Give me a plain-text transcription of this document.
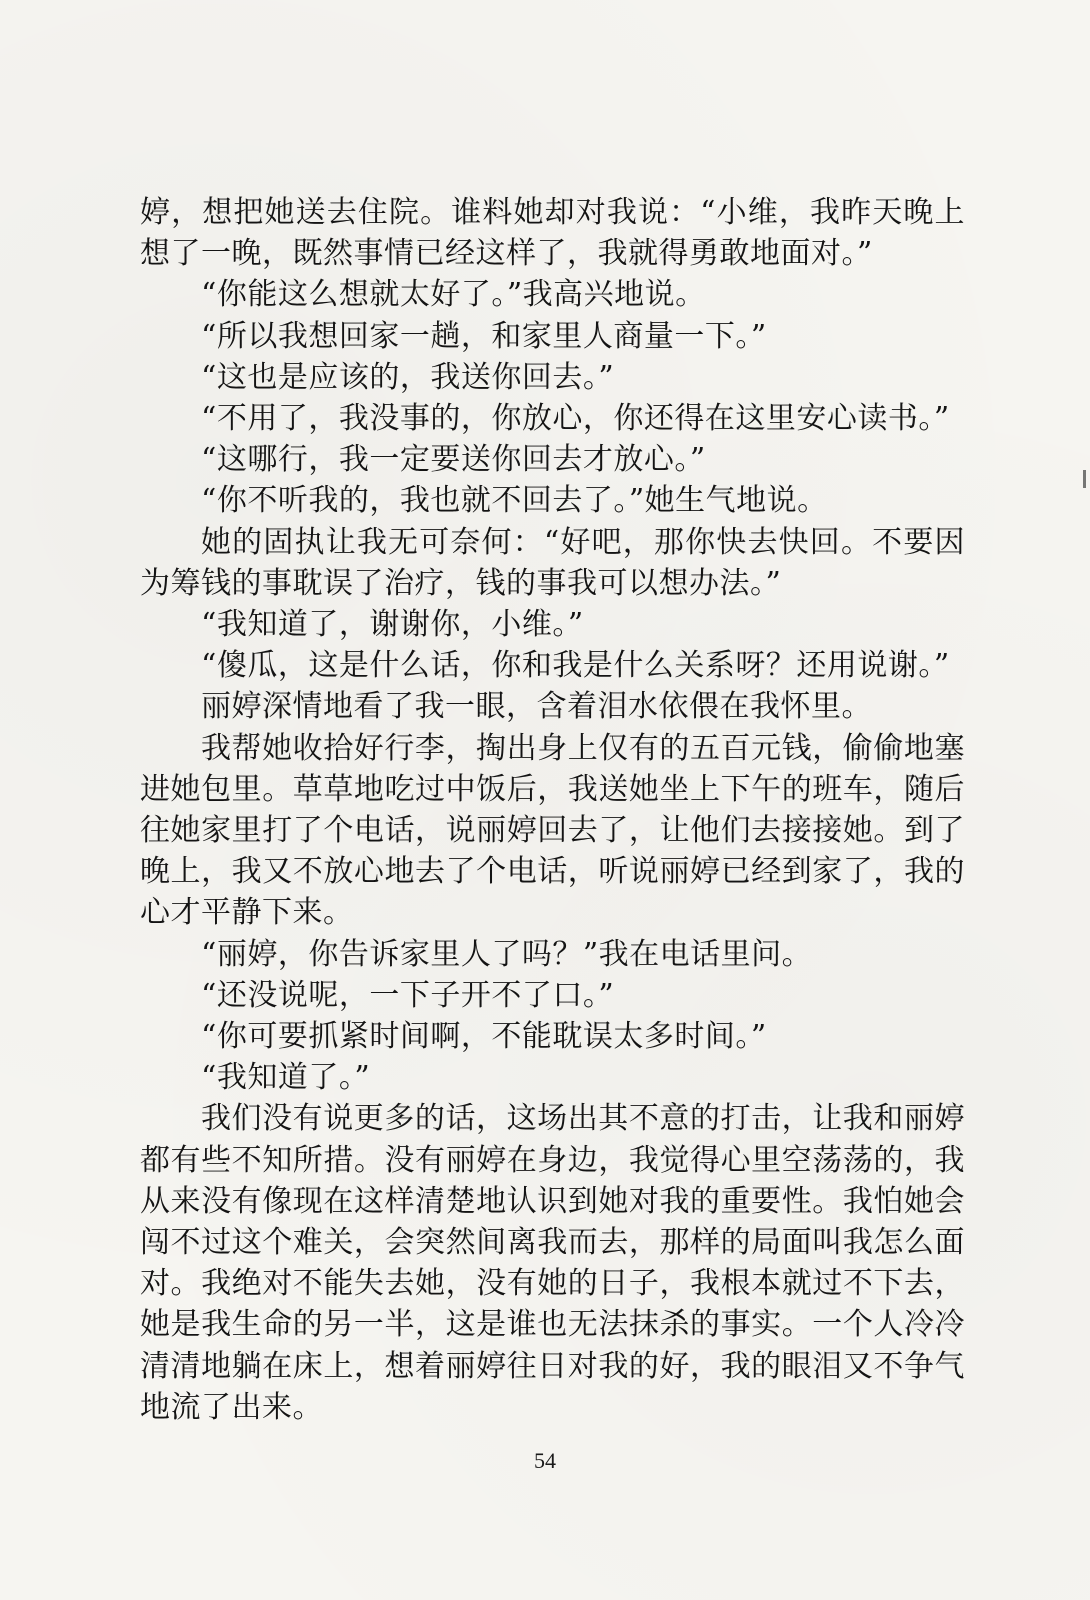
婷，想把她送去住院。谁料她却对我说：“小维，我昨天晚上想了一晚，既然事情已经这样了，我就得勇敢地面对。”

“你能这么想就太好了。”我高兴地说。

“所以我想回家一趟，和家里人商量一下。”

“这也是应该的，我送你回去。”

“不用了，我没事的，你放心，你还得在这里安心读书。”

“这哪行，我一定要送你回去才放心。”

“你不听我的，我也就不回去了。”她生气地说。

她的固执让我无可奈何：“好吧，那你快去快回。不要因为筹钱的事耽误了治疗，钱的事我可以想办法。”

“我知道了，谢谢你，小维。”

“傻瓜，这是什么话，你和我是什么关系呀？还用说谢。”

丽婷深情地看了我一眼，含着泪水依偎在我怀里。

我帮她收拾好行李，掏出身上仅有的五百元钱，偷偷地塞进她包里。草草地吃过中饭后，我送她坐上下午的班车，随后往她家里打了个电话，说丽婷回去了，让他们去接接她。到了晚上，我又不放心地去了个电话，听说丽婷已经到家了，我的心才平静下来。

“丽婷，你告诉家里人了吗？”我在电话里问。

“还没说呢，一下子开不了口。”

“你可要抓紧时间啊，不能耽误太多时间。”

“我知道了。”

我们没有说更多的话，这场出其不意的打击，让我和丽婷都有些不知所措。没有丽婷在身边，我觉得心里空荡荡的，我从来没有像现在这样清楚地认识到她对我的重要性。我怕她会闯不过这个难关，会突然间离我而去，那样的局面叫我怎么面对。我绝对不能失去她，没有她的日子，我根本就过不下去，她是我生命的另一半，这是谁也无法抹杀的事实。一个人冷冷清清地躺在床上，想着丽婷往日对我的好，我的眼泪又不争气地流了出来。

54
